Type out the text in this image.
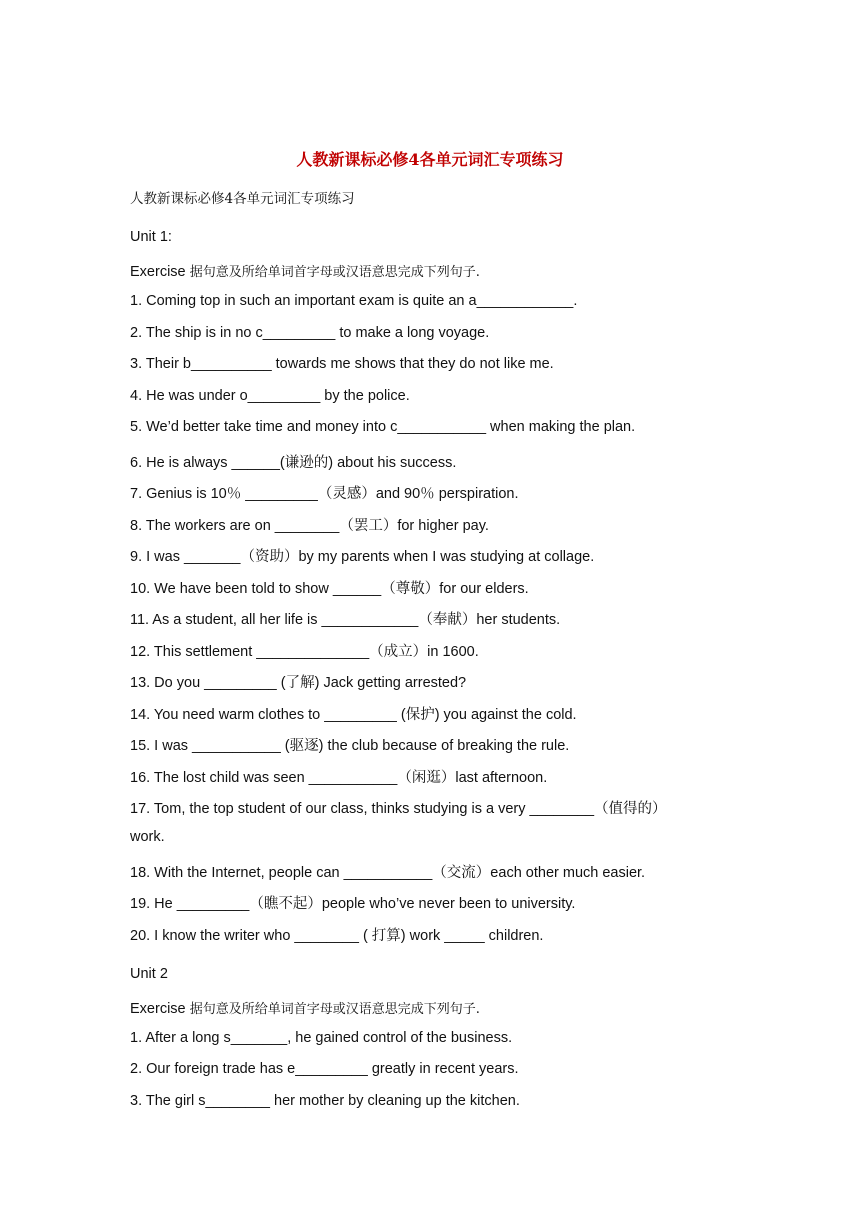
人教新课标必修4各单元词汇专项练习
人教新课标必修4各单元词汇专项练习
Unit 1:
Exercise 据句意及所给单词首字母或汉语意思完成下列句子.
1. Coming top in such an important exam is quite an a____________.
2. The ship is in no c_________ to make a long voyage.
3. Their b__________ towards me shows that they do not like me.
4. He was under o_________ by the police.
5. We’d better take time and money into c___________ when making the plan.
6. He is always ______(谦逊的) about his success.
7. Genius is 10％ _________（灵感）and 90％ perspiration.
8. The workers are on ________（罢工）for higher pay.
9. I was _______（资助）by my parents when I was studying at collage.
10. We have been told to show ______（尊敬）for our elders.
11. As a student, all her life is ____________（奉献）her students.
12. This settlement ______________（成立）in 1600.
13. Do you _________ (了解) Jack getting arrested?
14. You need warm clothes to _________ (保护) you against the cold.
15. I was ___________ (驱逐) the club because of breaking the rule.
16. The lost child was seen ___________（闲逛）last afternoon.
17. Tom, the top student of our class, thinks studying is a very ________（值得的）
work.
18. With the Internet, people can ___________（交流）each other much easier.
19. He _________（瞧不起）people who’ve never been to university.
20. I know the writer who ________ ( 打算) work _____ children.
Unit 2
Exercise 据句意及所给单词首字母或汉语意思完成下列句子.
1. After a long s_______, he gained control of the business.
2. Our foreign trade has e_________ greatly in recent years.
3. The girl s________ her mother by cleaning up the kitchen.
